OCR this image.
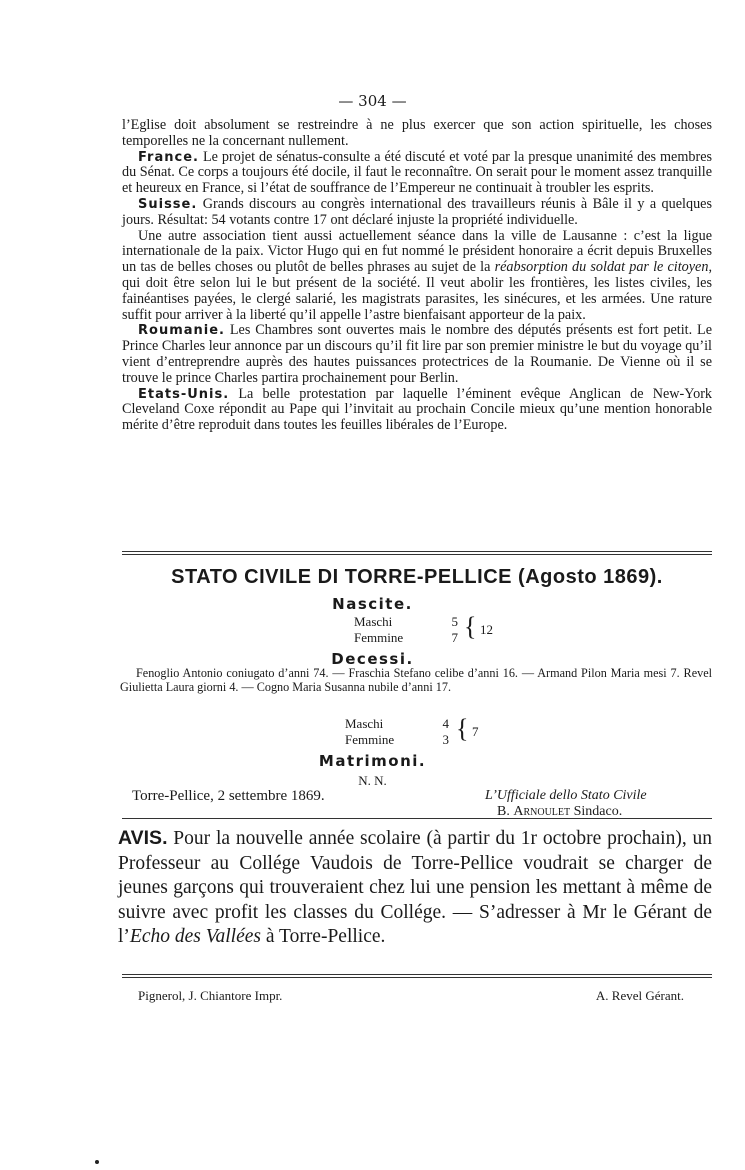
— 304 —

l’Eglise doit absolument se restreindre à ne plus exercer que son action spirituelle, les choses temporelles ne la concernant nullement.

France. Le projet de sénatus-consulte a été discuté et voté par la presque unanimité des membres du Sénat. Ce corps a toujours été docile, il faut le reconnaître. On serait pour le moment assez tranquille et heureux en France, si l’état de souffrance de l’Empereur ne continuait à troubler les esprits.

Suisse. Grands discours au congrès international des travailleurs réunis à Bâle il y a quelques jours. Résultat: 54 votants contre 17 ont déclaré injuste la propriété individuelle.

Une autre association tient aussi actuellement séance dans la ville de Lausanne : c’est la ligue internationale de la paix. Victor Hugo qui en fut nommé le président honoraire a écrit depuis Bruxelles un tas de belles choses ou plutôt de belles phrases au sujet de la réabsorption du soldat par le citoyen, qui doit être selon lui le but présent de la société. Il veut abolir les frontières, les listes civiles, les fainéantises payées, le clergé salarié, les magistrats parasites, les sinécures, et les armées. Une rature suffit pour arriver à la liberté qu’il appelle l’astre bienfaisant apporteur de la paix.

Roumanie. Les Chambres sont ouvertes mais le nombre des députés présents est fort petit. Le Prince Charles leur annonce par un discours qu’il fit lire par son premier ministre le but du voyage qu’il vient d’entreprendre auprès des hautes puissances protectrices de la Roumanie. De Vienne où il se trouve le prince Charles partira prochainement pour Berlin.

Etats-Unis. La belle protestation par laquelle l’éminent evêque Anglican de New-York Cleveland Coxe répondit au Pape qui l’invitait au prochain Concile mieux qu’une mention honorable mérite d’être reproduit dans toutes les feuilles libérales de l’Europe.

STATO CIVILE DI TORRE-PELLICE (Agosto 1869).
Nascite.
Maschi	5
Femmine	7 { 12
Decessi.

Fenoglio Antonio coniugato d’anni 74. — Fraschia Stefano celibe d’anni 16. — Armand Pilon Maria mesi 7. Revel Giulietta Laura giorni 4. — Cogno Maria Susanna nubile d’anni 17.

Maschi	4
Femmine	3 { 7
Matrimoni.
N. N.
Torre-Pellice, 2 settembre 1869.	L’Ufficiale dello Stato Civile
B. Arnoulet Sindaco.
AVIS. Pour la nouvelle année scolaire (à partir du 1r octobre prochain), un Professeur au Collége Vaudois de Torre-Pellice voudrait se charger de jeunes garçons qui trouveraient chez lui une pension les mettant à même de suivre avec profit les classes du Collége. — S’adresser à Mr le Gérant de l’Echo des Vallées à Torre-Pellice.
Pignerol, J. Chiantore Impr.	A. Revel Gérant.
